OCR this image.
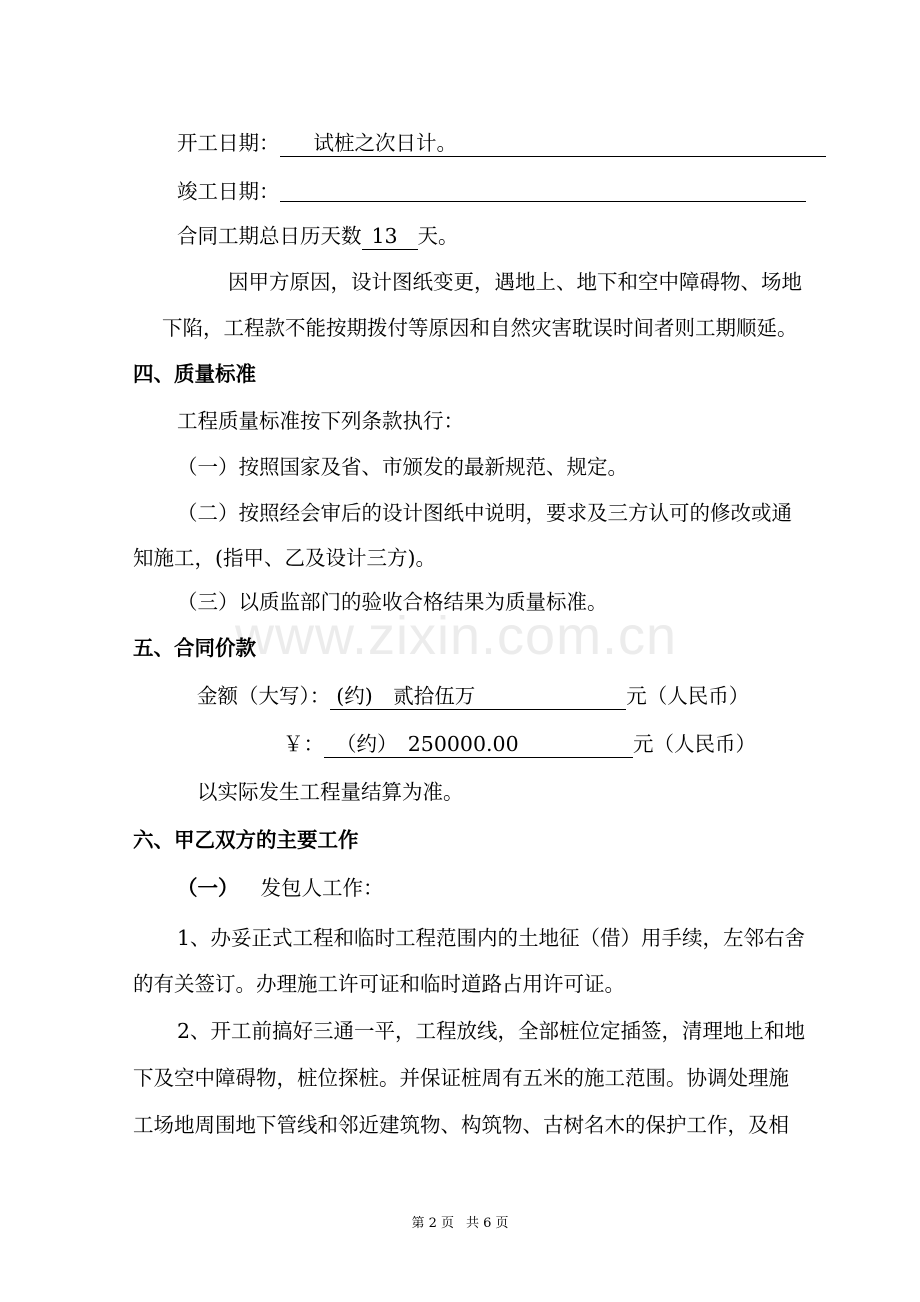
www.zixin.com.cn
开工日期： 试桩之次日计。
竣工日期：
合同工期总日历天数 13 天。
因甲方原因，设计图纸变更，遇地上、地下和空中障碍物、场地
下陷，工程款不能按期拨付等原因和自然灾害耽误时间者则工期顺延。
四、质量标准
工程质量标准按下列条款执行：
（一）按照国家及省、市颁发的最新规范、规定。
（二）按照经会审后的设计图纸中说明，要求及三方认可的修改或通
知施工，(指甲、乙及设计三方)。
（三）以质监部门的验收合格结果为质量标准。
五、合同价款
金额（大写）： (约)　贰拾伍万	元（人民币）
￥： （约）　250000.00	元（人民币）
以实际发生工程量结算为准。
六、甲乙双方的主要工作
（一） 发包人工作：
1、办妥正式工程和临时工程范围内的土地征（借）用手续，左邻右舍
的有关签订。办理施工许可证和临时道路占用许可证。
2、开工前搞好三通一平，工程放线，全部桩位定插签，清理地上和地
下及空中障碍物，桩位探桩。并保证桩周有五米的施工范围。协调处理施
工场地周围地下管线和邻近建筑物、构筑物、古树名木的保护工作，及相
第 2 页 共 6 页
